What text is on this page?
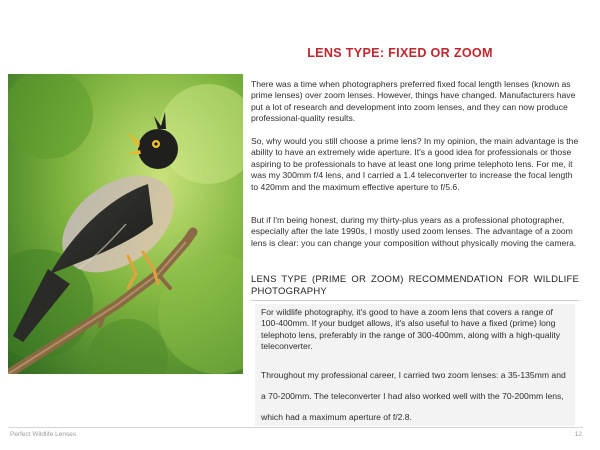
LENS TYPE: FIXED OR ZOOM

There was a time when photographers preferred fixed focal length lenses (known as prime lenses) over zoom lenses. However, things have changed. Manufacturers have put a lot of research and development into zoom lenses, and they can now produce professional-quality results.

So, why would you still choose a prime lens? In my opinion, the main advantage is the ability to have an extremely wide aperture. It's a good idea for professionals or those aspiring to be professionals to have at least one long prime telephoto lens. For me, it was my 300mm f/4 lens, and I carried a 1.4 teleconverter to increase the focal length to 420mm and the maximum effective aperture to f/5.6.

But if I'm being honest, during my thirty-plus years as a professional photographer, especially after the late 1990s, I mostly used zoom lenses. The advantage of a zoom lens is clear: you can change your composition without physically moving the camera.

LENS TYPE (PRIME OR ZOOM) RECOMMENDATION FOR WILDLIFE PHOTOGRAPHY

For wildlife photography, it's good to have a zoom lens that covers a range of 100-400mm. If your budget allows, it's also useful to have a fixed (prime) long telephoto lens, preferably in the range of 300-400mm, along with a high-quality teleconverter.

Throughout my professional career, I carried two zoom lenses: a 35-135mm and a 70-200mm. The teleconverter I had also worked well with the 70-200mm lens, which had a maximum aperture of f/2.8.

Perfect Wildlife Lenses	12
